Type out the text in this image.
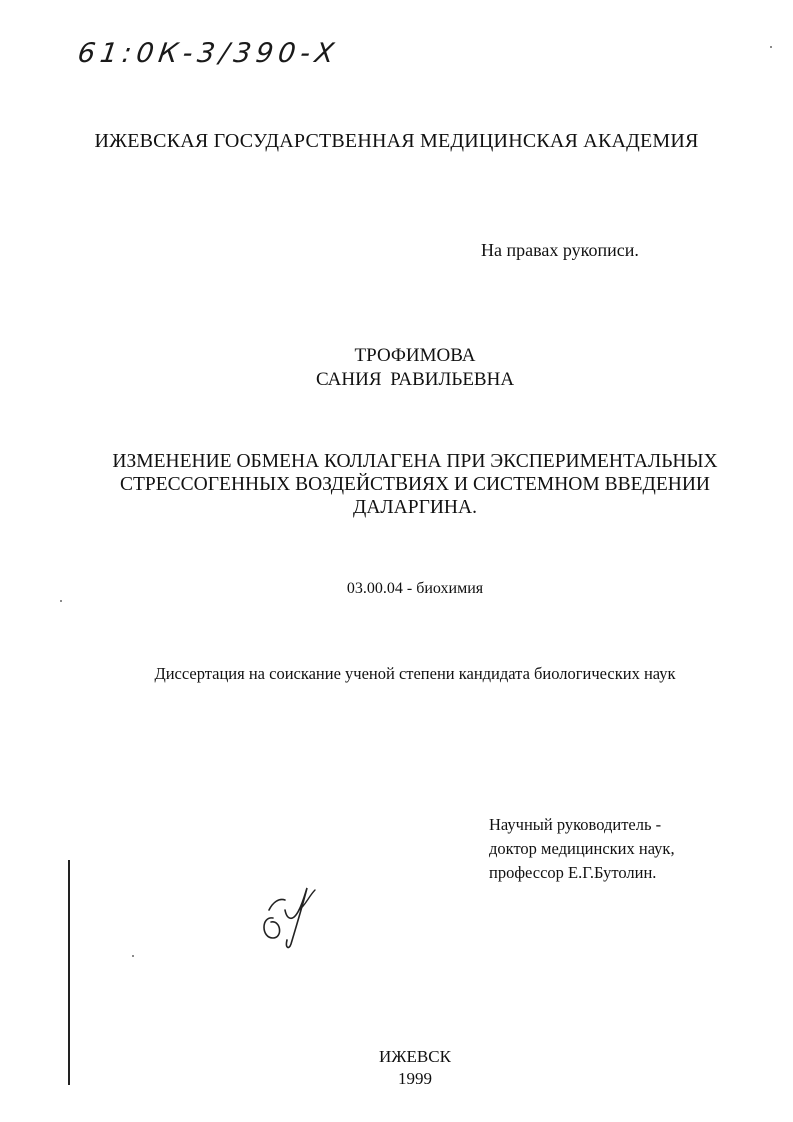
61:0К-3/390-Х
ИЖЕВСКАЯ ГОСУДАРСТВЕННАЯ МЕДИЦИНСКАЯ АКАДЕМИЯ
На правах рукописи.
ТРОФИМОВА
САНИЯ РАВИЛЬЕВНА
ИЗМЕНЕНИЕ ОБМЕНА КОЛЛАГЕНА ПРИ ЭКСПЕРИМЕНТАЛЬНЫХ
СТРЕССОГЕННЫХ ВОЗДЕЙСТВИЯХ И СИСТЕМНОМ ВВЕДЕНИИ
ДАЛАРГИНА.
03.00.04 - биохимия
Диссертация на соискание ученой степени кандидата биологических наук
Научный руководитель -
доктор медицинских наук,
профессор Е.Г.Бутолин.
ИЖЕВСК
1999
